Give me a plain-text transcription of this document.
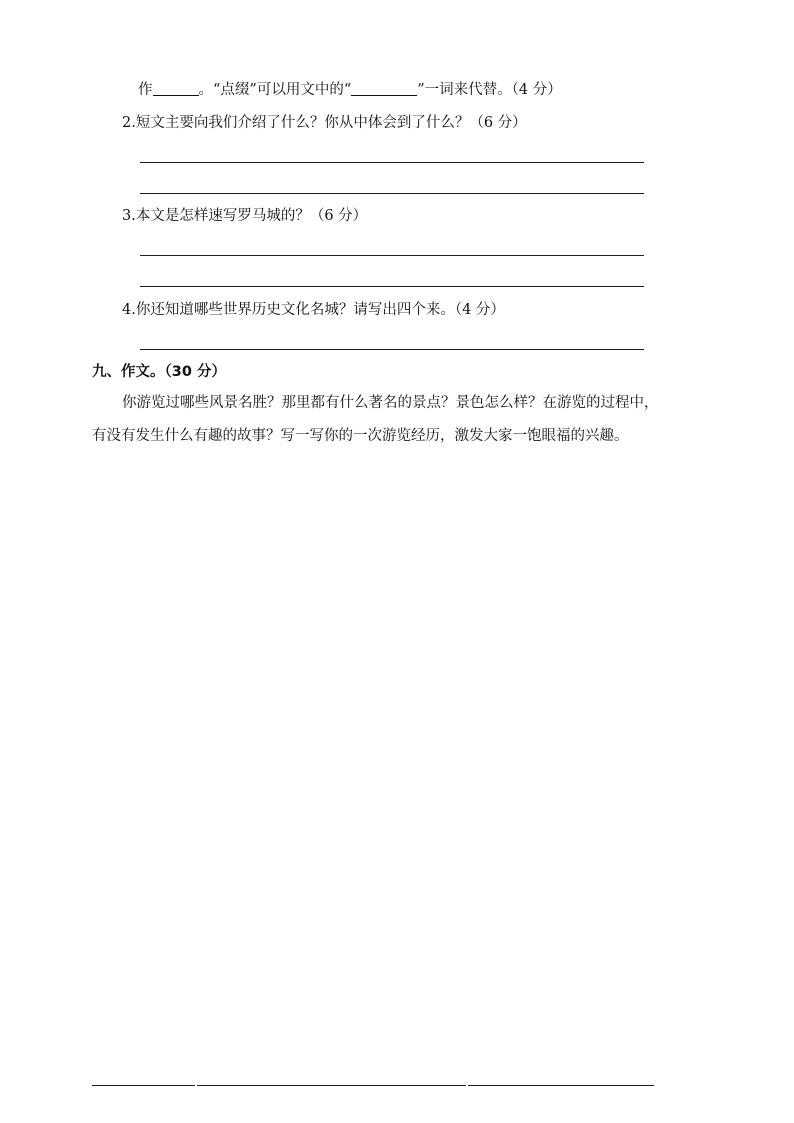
作	。“点缀”可以用文中的“	”一词来代替。（4 分）
2.短文主要向我们介绍了什么？你从中体会到了什么？（6 分）
3.本文是怎样速写罗马城的？（6 分）
4.你还知道哪些世界历史文化名城？请写出四个来。（4 分）
九、作文。（30 分）
你游览过哪些风景名胜？那里都有什么著名的景点？景色怎么样？在游览的过程中，
有没有发生什么有趣的故事？写一写你的一次游览经历，激发大家一饱眼福的兴趣。
